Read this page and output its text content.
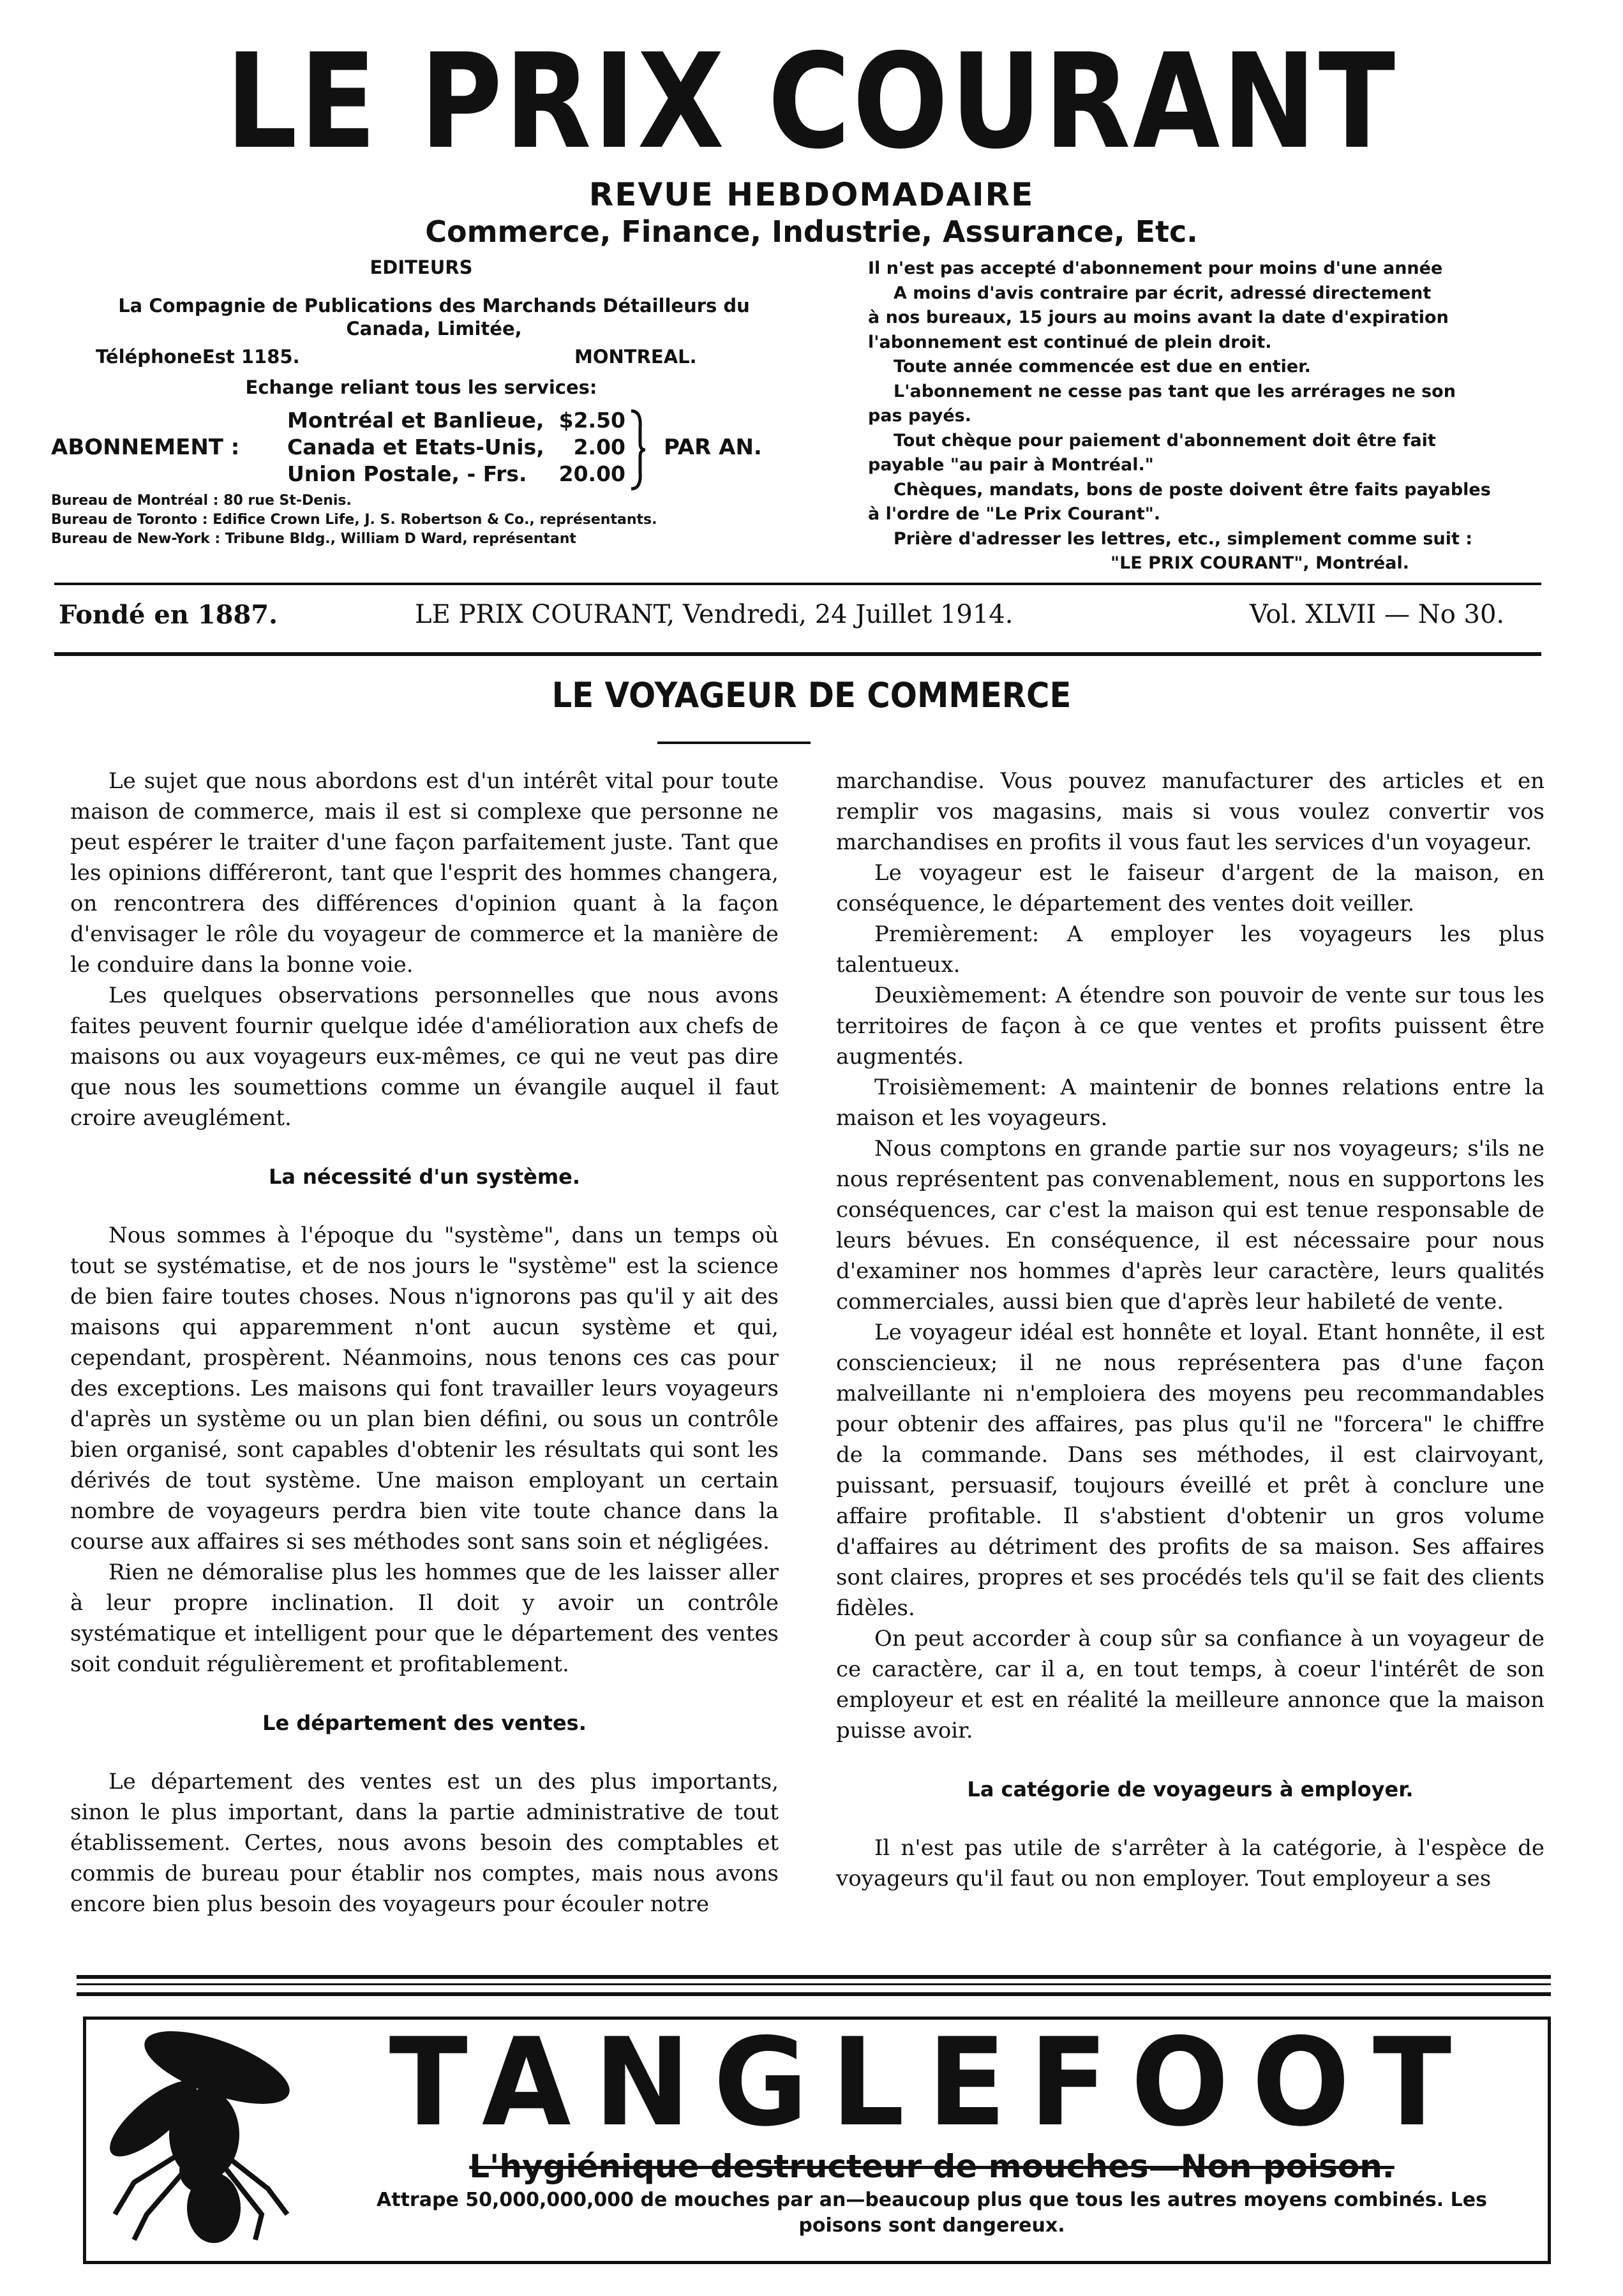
LE PRIX COURANT
REVUE HEBDOMADAIRE
Commerce, Finance, Industrie, Assurance, Etc.
EDITEURS
La Compagnie de Publications des Marchands Détailleurs du
Canada, Limitée,
TéléphoneEst 1185.	MONTREAL.
Echange reliant tous les services:
ABONNEMENT :
Montréal et Banlieue, $2.50
Canada et Etats-Unis, 2.00
Union Postale, - Frs. 20.00
PAR AN.
Bureau de Montréal : 80 rue St-Denis.
Bureau de Toronto : Edifice Crown Life, J. S. Robertson & Co., représentants.
Bureau de New-York : Tribune Bldg., William D Ward, représentant
Il n'est pas accepté d'abonnement pour moins d'une année
A moins d'avis contraire par écrit, adressé directement
à nos bureaux, 15 jours au moins avant la date d'expiration
l'abonnement est continué de plein droit.
Toute année commencée est due en entier.
L'abonnement ne cesse pas tant que les arrérages ne son
pas payés.
Tout chèque pour paiement d'abonnement doit être fait
payable "au pair à Montréal."
Chèques, mandats, bons de poste doivent être faits payables
à l'ordre de "Le Prix Courant".
Prière d'adresser les lettres, etc., simplement comme suit :
"LE PRIX COURANT", Montréal.
Fondé en 1887.	LE PRIX COURANT, Vendredi, 24 Juillet 1914.	Vol. XLVII — No 30.
LE VOYAGEUR DE COMMERCE

Le sujet que nous abordons est d'un intérêt vital pour toute maison de commerce, mais il est si complexe que personne ne peut espérer le traiter d'une façon parfaitement juste. Tant que les opinions différeront, tant que l'esprit des hommes changera, on rencontrera des différences d'opinion quant à la façon d'envisager le rôle du voyageur de commerce et la manière de le conduire dans la bonne voie.

Les quelques observations personnelles que nous avons faites peuvent fournir quelque idée d'amélioration aux chefs de maisons ou aux voyageurs eux-mêmes, ce qui ne veut pas dire que nous les soumettions comme un évangile auquel il faut croire aveuglément.

La nécessité d'un système.

Nous sommes à l'époque du "système", dans un temps où tout se systématise, et de nos jours le "système" est la science de bien faire toutes choses. Nous n'ignorons pas qu'il y ait des maisons qui apparemment n'ont aucun système et qui, cependant, prospèrent. Néanmoins, nous tenons ces cas pour des exceptions. Les maisons qui font travailler leurs voyageurs d'après un système ou un plan bien défini, ou sous un contrôle bien organisé, sont capables d'obtenir les résultats qui sont les dérivés de tout système. Une maison employant un certain nombre de voyageurs perdra bien vite toute chance dans la course aux affaires si ses méthodes sont sans soin et négligées.

Rien ne démoralise plus les hommes que de les laisser aller à leur propre inclination. Il doit y avoir un contrôle systématique et intelligent pour que le département des ventes soit conduit régulièrement et profitablement.

Le département des ventes.

Le département des ventes est un des plus importants, sinon le plus important, dans la partie administrative de tout établissement. Certes, nous avons besoin des comptables et commis de bureau pour établir nos comptes, mais nous avons encore bien plus besoin des voyageurs pour écouler notre

marchandise. Vous pouvez manufacturer des articles et en remplir vos magasins, mais si vous voulez convertir vos marchandises en profits il vous faut les services d'un voyageur.

Le voyageur est le faiseur d'argent de la maison, en conséquence, le département des ventes doit veiller.

Premièrement: A employer les voyageurs les plus talentueux.

Deuxièmement: A étendre son pouvoir de vente sur tous les territoires de façon à ce que ventes et profits puissent être augmentés.

Troisièmement: A maintenir de bonnes relations entre la maison et les voyageurs.

Nous comptons en grande partie sur nos voyageurs; s'ils ne nous représentent pas convenablement, nous en supportons les conséquences, car c'est la maison qui est tenue responsable de leurs bévues. En conséquence, il est nécessaire pour nous d'examiner nos hommes d'après leur caractère, leurs qualités commerciales, aussi bien que d'après leur habileté de vente.

Le voyageur idéal est honnête et loyal. Etant honnête, il est consciencieux; il ne nous représentera pas d'une façon malveillante ni n'emploiera des moyens peu recommandables pour obtenir des affaires, pas plus qu'il ne "forcera" le chiffre de la commande. Dans ses méthodes, il est clairvoyant, puissant, persuasif, toujours éveillé et prêt à conclure une affaire profitable. Il s'abstient d'obtenir un gros volume d'affaires au détriment des profits de sa maison. Ses affaires sont claires, propres et ses procédés tels qu'il se fait des clients fidèles.

On peut accorder à coup sûr sa confiance à un voyageur de ce caractère, car il a, en tout temps, à coeur l'intérêt de son employeur et est en réalité la meilleure annonce que la maison puisse avoir.

La catégorie de voyageurs à employer.

Il n'est pas utile de s'arrêter à la catégorie, à l'espèce de voyageurs qu'il faut ou non employer. Tout employeur a ses

TANGLEFOOT
L'hygiénique destructeur de mouches—Non poison.
Attrape 50,000,000,000 de mouches par an—beaucoup plus que tous les autres moyens combinés. Les poisons sont dangereux.
